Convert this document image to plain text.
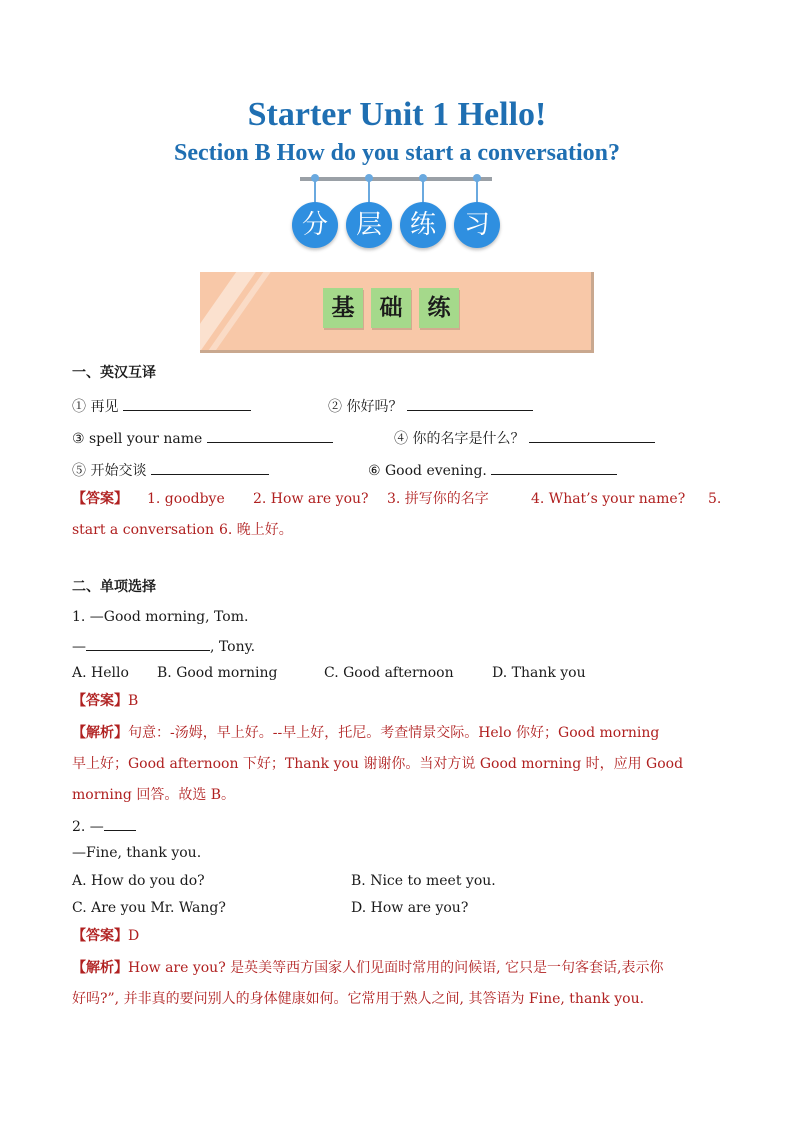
Starter Unit 1 Hello!
Section B How do you start a conversation?
分	层	练	习
基	础	练
一、英汉互译
① 再见	② 你好吗？
③ spell your name	④ 你的名字是什么？
⑤ 开始交谈	⑥ Good evening.
【答案】 1. goodbye 2. How are you? 3. 拼写你的名字	4. What’s your name? 5.
start a conversation 6. 晚上好。
二、单项选择
1. —Good morning, Tom.
—	, Tony.
A. Hello B. Good morning	C. Good afternoon	D. Thank you
【答案】B
【解析】句意：-汤姆，早上好。--早上好，托尼。考查情景交际。Helo 你好；Good morning
早上好；Good afternoon 下好；Thank you 谢谢你。当对方说 Good morning 时，应用 Good
morning 回答。故选 B。
2. —
—Fine, thank you.
A. How do you do?	B. Nice to meet you.
C. Are you Mr. Wang?	D. How are you?
【答案】D
【解析】How are you? 是英美等西方国家人们见面时常用的问候语, 它只是一句客套话,表示你
好吗?”, 并非真的要问别人的身体健康如何。它常用于熟人之间, 其答语为 Fine, thank you.
